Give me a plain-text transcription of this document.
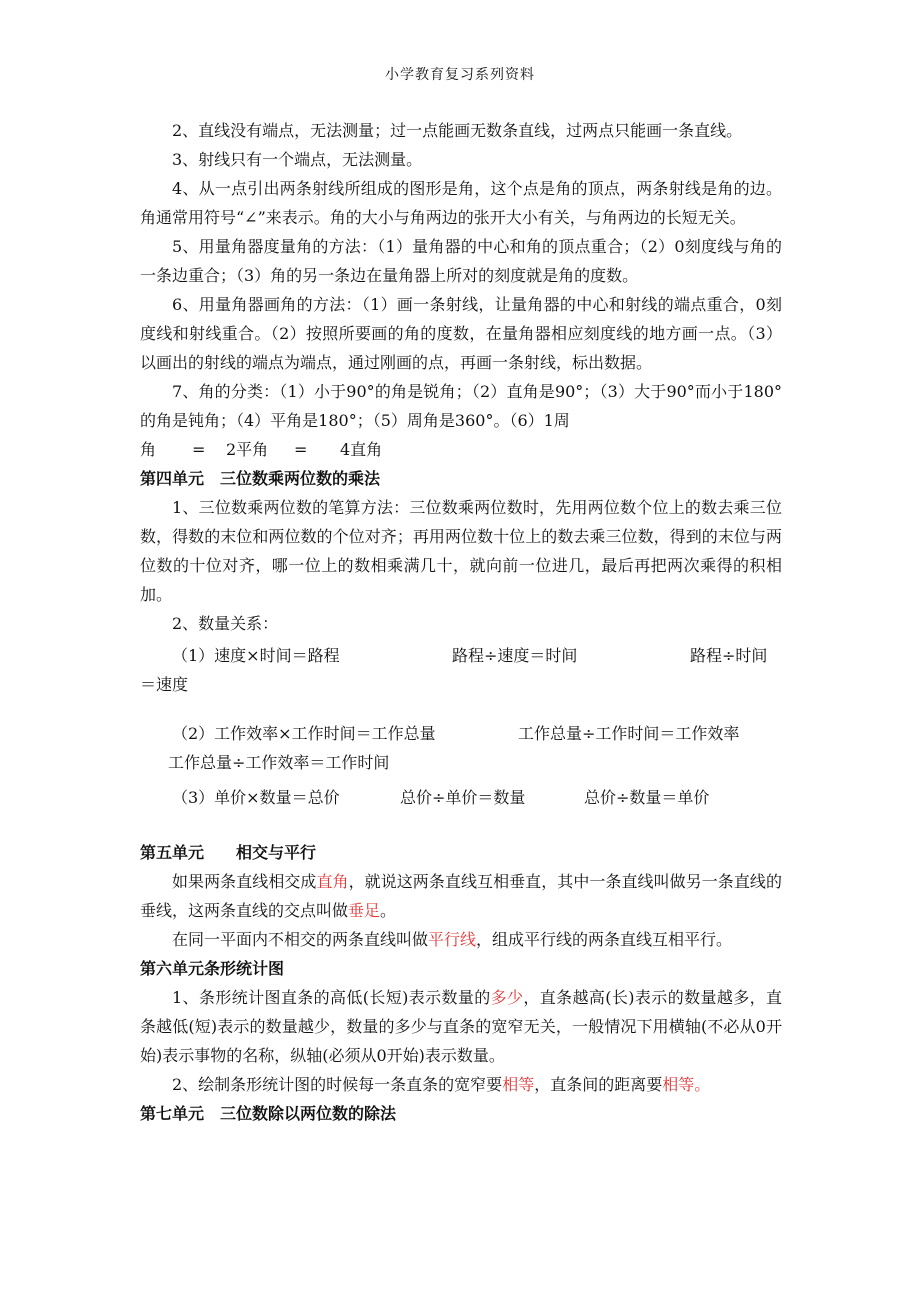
小学教育复习系列资料

2、直线没有端点，无法测量；过一点能画无数条直线，过两点只能画一条直线。

3、射线只有一个端点，无法测量。

4、从一点引出两条射线所组成的图形是角，这个点是角的顶点，两条射线是角的边。角通常用符号“∠”来表示。角的大小与角两边的张开大小有关，与角两边的长短无关。

5、用量角器度量角的方法：（1）量角器的中心和角的顶点重合；（2）0刻度线与角的一条边重合；（3）角的另一条边在量角器上所对的刻度就是角的度数。

6、用量角器画角的方法：（1）画一条射线，让量角器的中心和射线的端点重合，0刻度线和射线重合。（2）按照所要画的角的度数，在量角器相应刻度线的地方画一点。（3）以画出的射线的端点为端点，通过刚画的点，再画一条射线，标出数据。

7、角的分类：（1）小于90°的角是锐角；（2）直角是90°；（3）大于90°而小于180°的角是钝角；（4）平角是180°；（5）周角是360°。（6）1周

角	=	2平角	=	4直角
第四单元　三位数乘两位数的乘法

1、三位数乘两位数的笔算方法：三位数乘两位数时，先用两位数个位上的数去乘三位数，得数的末位和两位数的个位对齐；再用两位数十位上的数去乘三位数，得到的末位与两位数的十位对齐，哪一位上的数相乘满几十，就向前一位进几，最后再把两次乘得的积相加。

2、数量关系：

（1）速度×时间＝路程	路程÷速度＝时间	路程÷时间
＝速度
（2）工作效率×工作时间＝工作总量	工作总量÷工作时间＝工作效率
工作总量÷工作效率＝工作时间
（3）单价×数量＝总价	总价÷单价＝数量	总价÷数量＝单价
第五单元　　相交与平行

如果两条直线相交成直角，就说这两条直线互相垂直，其中一条直线叫做另一条直线的垂线，这两条直线的交点叫做垂足。

在同一平面内不相交的两条直线叫做平行线，组成平行线的两条直线互相平行。

第六单元条形统计图

1、条形统计图直条的高低(长短)表示数量的多少，直条越高(长)表示的数量越多，直条越低(短)表示的数量越少，数量的多少与直条的宽窄无关，一般情况下用横轴(不必从0开始)表示事物的名称，纵轴(必须从0开始)表示数量。

2、绘制条形统计图的时候每一条直条的宽窄要相等，直条间的距离要相等。

第七单元　三位数除以两位数的除法
